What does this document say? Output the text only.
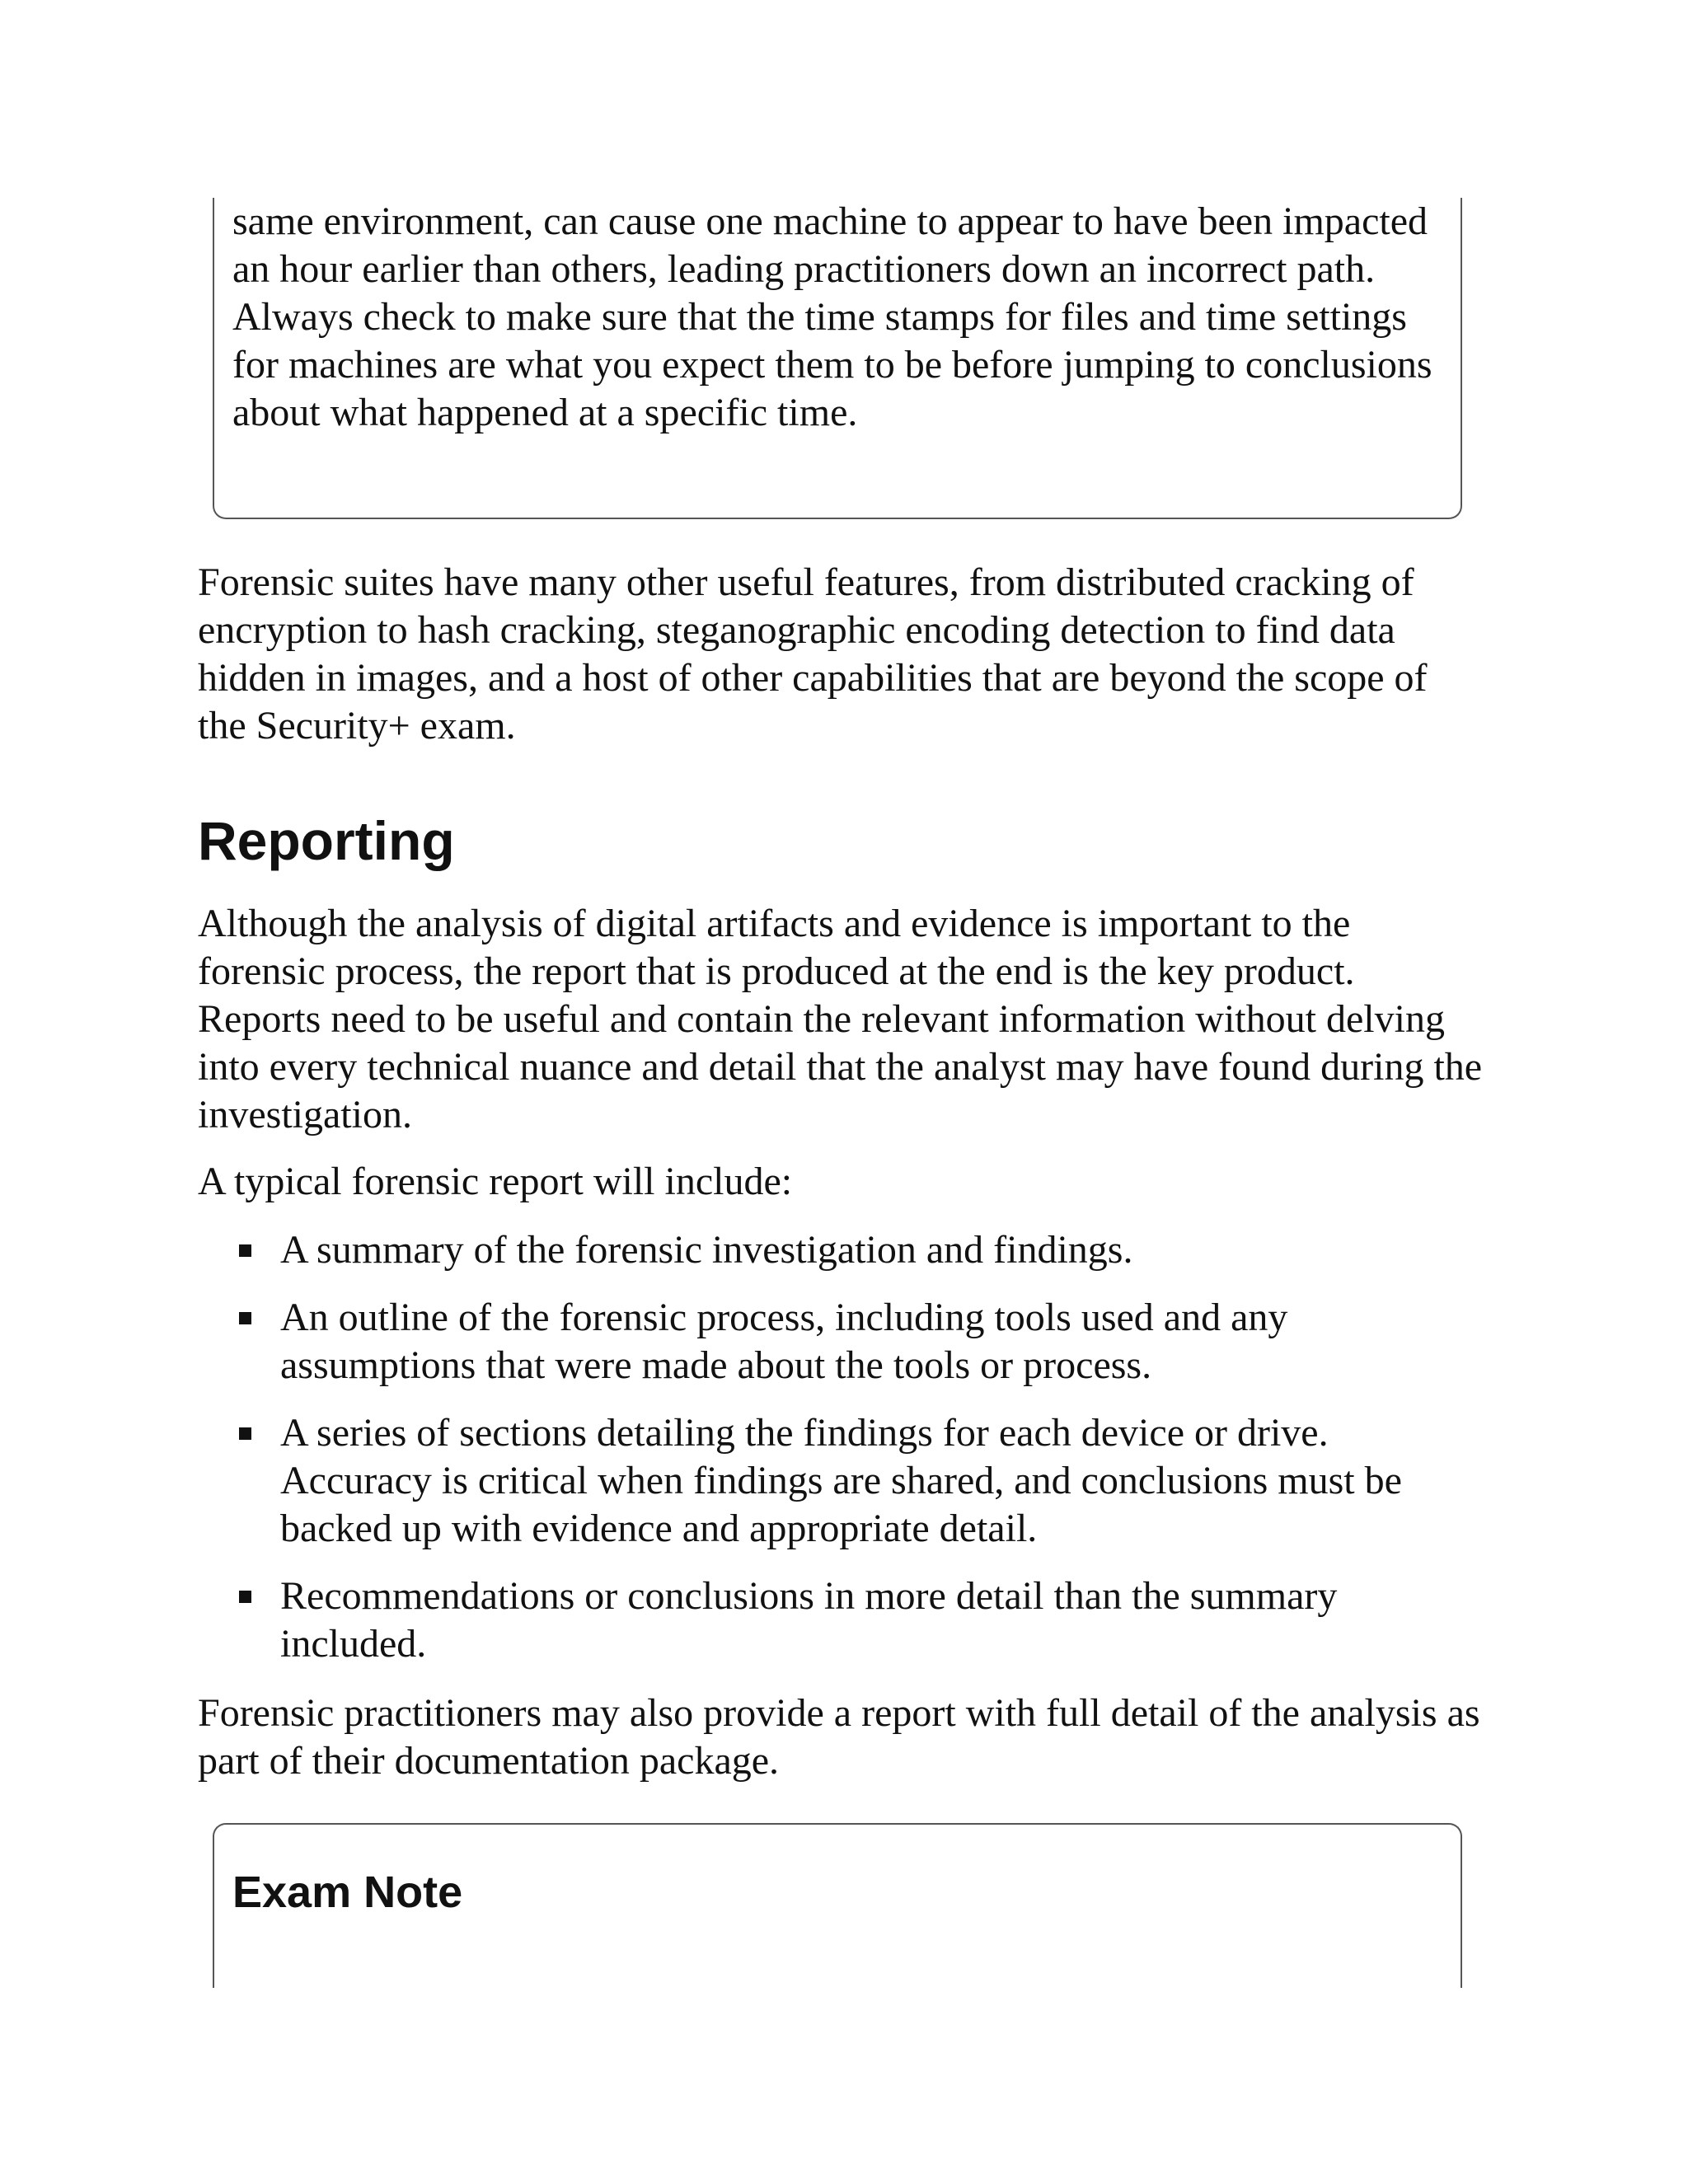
same environment, can cause one machine to appear to have been impacted an hour earlier than others, leading practitioners down an incorrect path. Always check to make sure that the time stamps for files and time settings for machines are what you expect them to be before jumping to conclusions about what happened at a specific time.

Forensic suites have many other useful features, from distributed cracking of encryption to hash cracking, steganographic encoding detection to find data hidden in images, and a host of other capabilities that are beyond the scope of the Security+ exam.

Reporting

Although the analysis of digital artifacts and evidence is important to the forensic process, the report that is produced at the end is the key product. Reports need to be useful and contain the relevant information without delving into every technical nuance and detail that the analyst may have found during the investigation.

A typical forensic report will include:

A summary of the forensic investigation and findings.
An outline of the forensic process, including tools used and any assumptions that were made about the tools or process.
A series of sections detailing the findings for each device or drive. Accuracy is critical when findings are shared, and conclusions must be backed up with evidence and appropriate detail.
Recommendations or conclusions in more detail than the summary included.

Forensic practitioners may also provide a report with full detail of the analysis as part of their documentation package.

Exam Note
